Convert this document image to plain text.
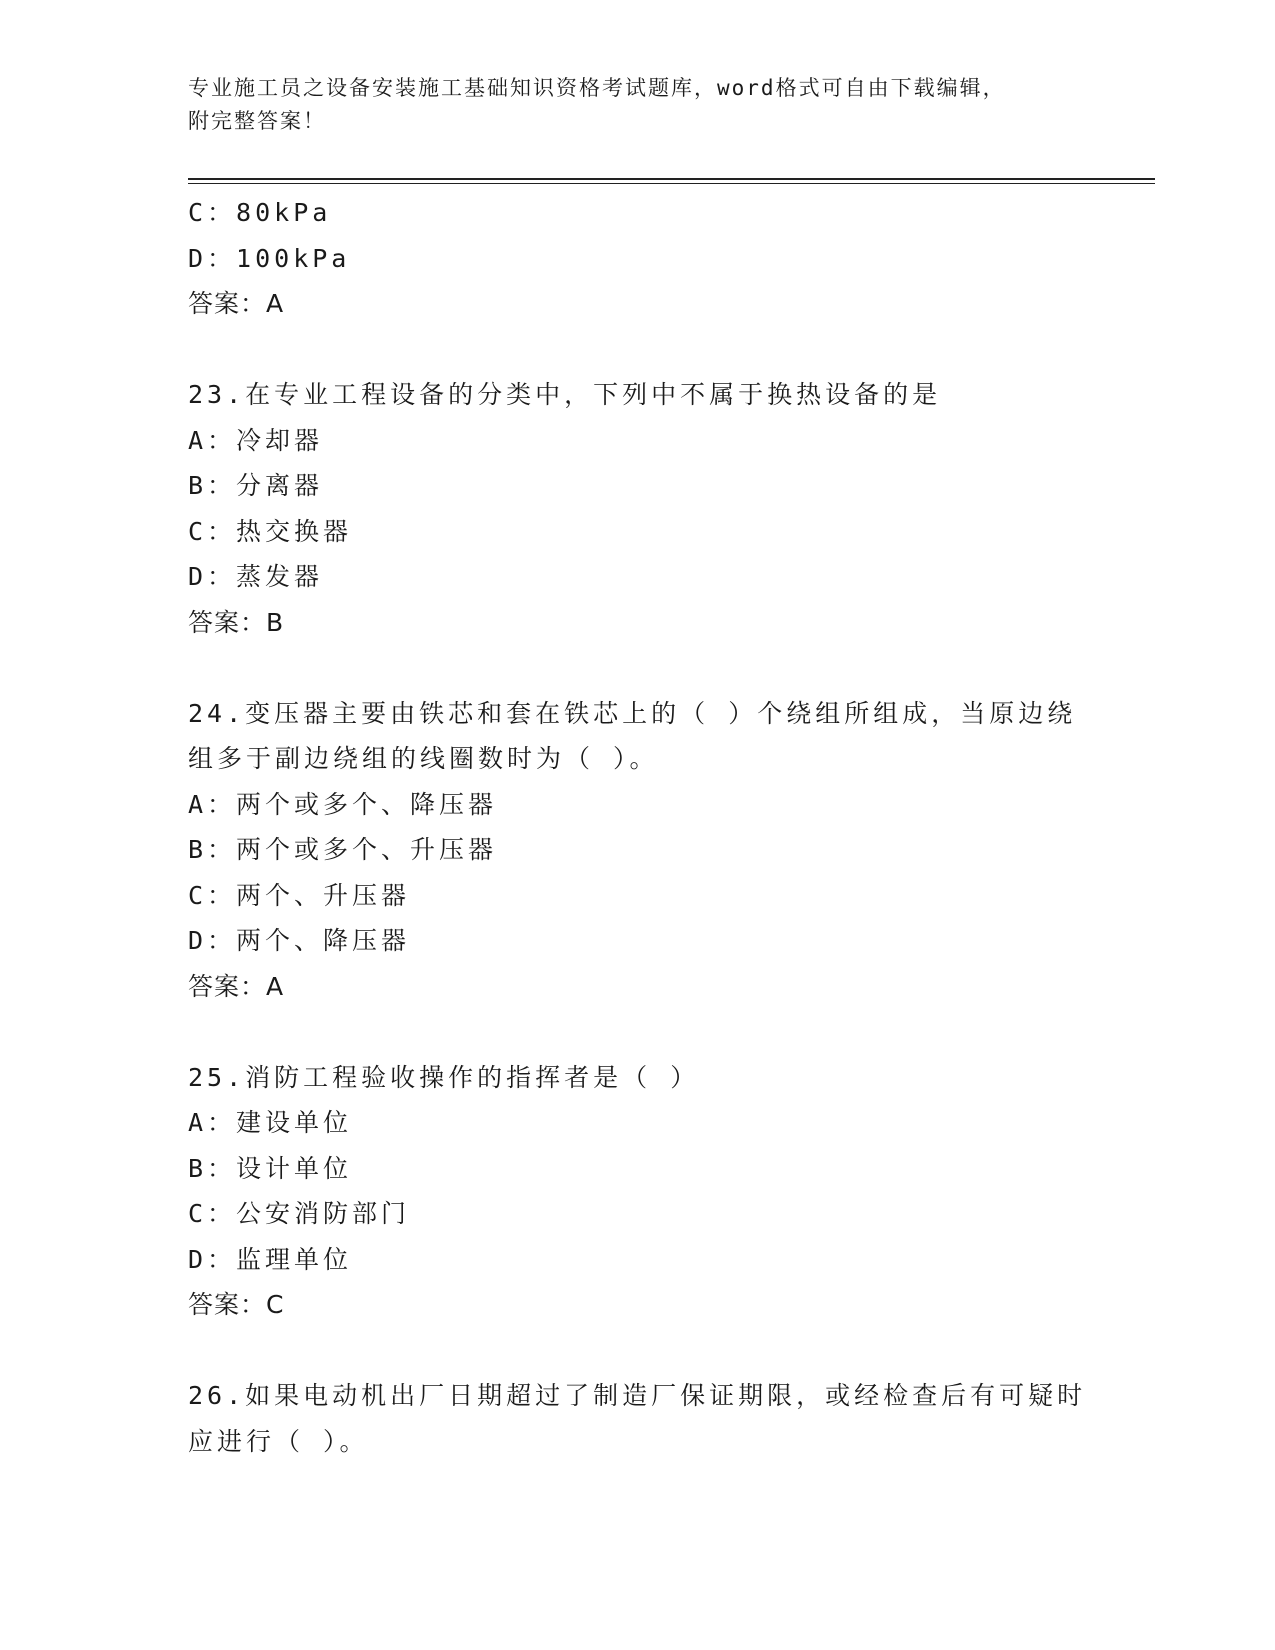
专业施工员之设备安装施工基础知识资格考试题库，word格式可自由下载编辑，
附完整答案！
C：80kPa
D：100kPa
答案：A
23.在专业工程设备的分类中，下列中不属于换热设备的是
A：冷却器
B：分离器
C：热交换器
D：蒸发器
答案：B
24.变压器主要由铁芯和套在铁芯上的（ ）个绕组所组成，当原边绕
组多于副边绕组的线圈数时为（ ）。
A：两个或多个、降压器
B：两个或多个、升压器
C：两个、升压器
D：两个、降压器
答案：A
25.消防工程验收操作的指挥者是（ ）
A：建设单位
B：设计单位
C：公安消防部门
D：监理单位
答案：C
26.如果电动机出厂日期超过了制造厂保证期限，或经检查后有可疑时
应进行（ ）。
